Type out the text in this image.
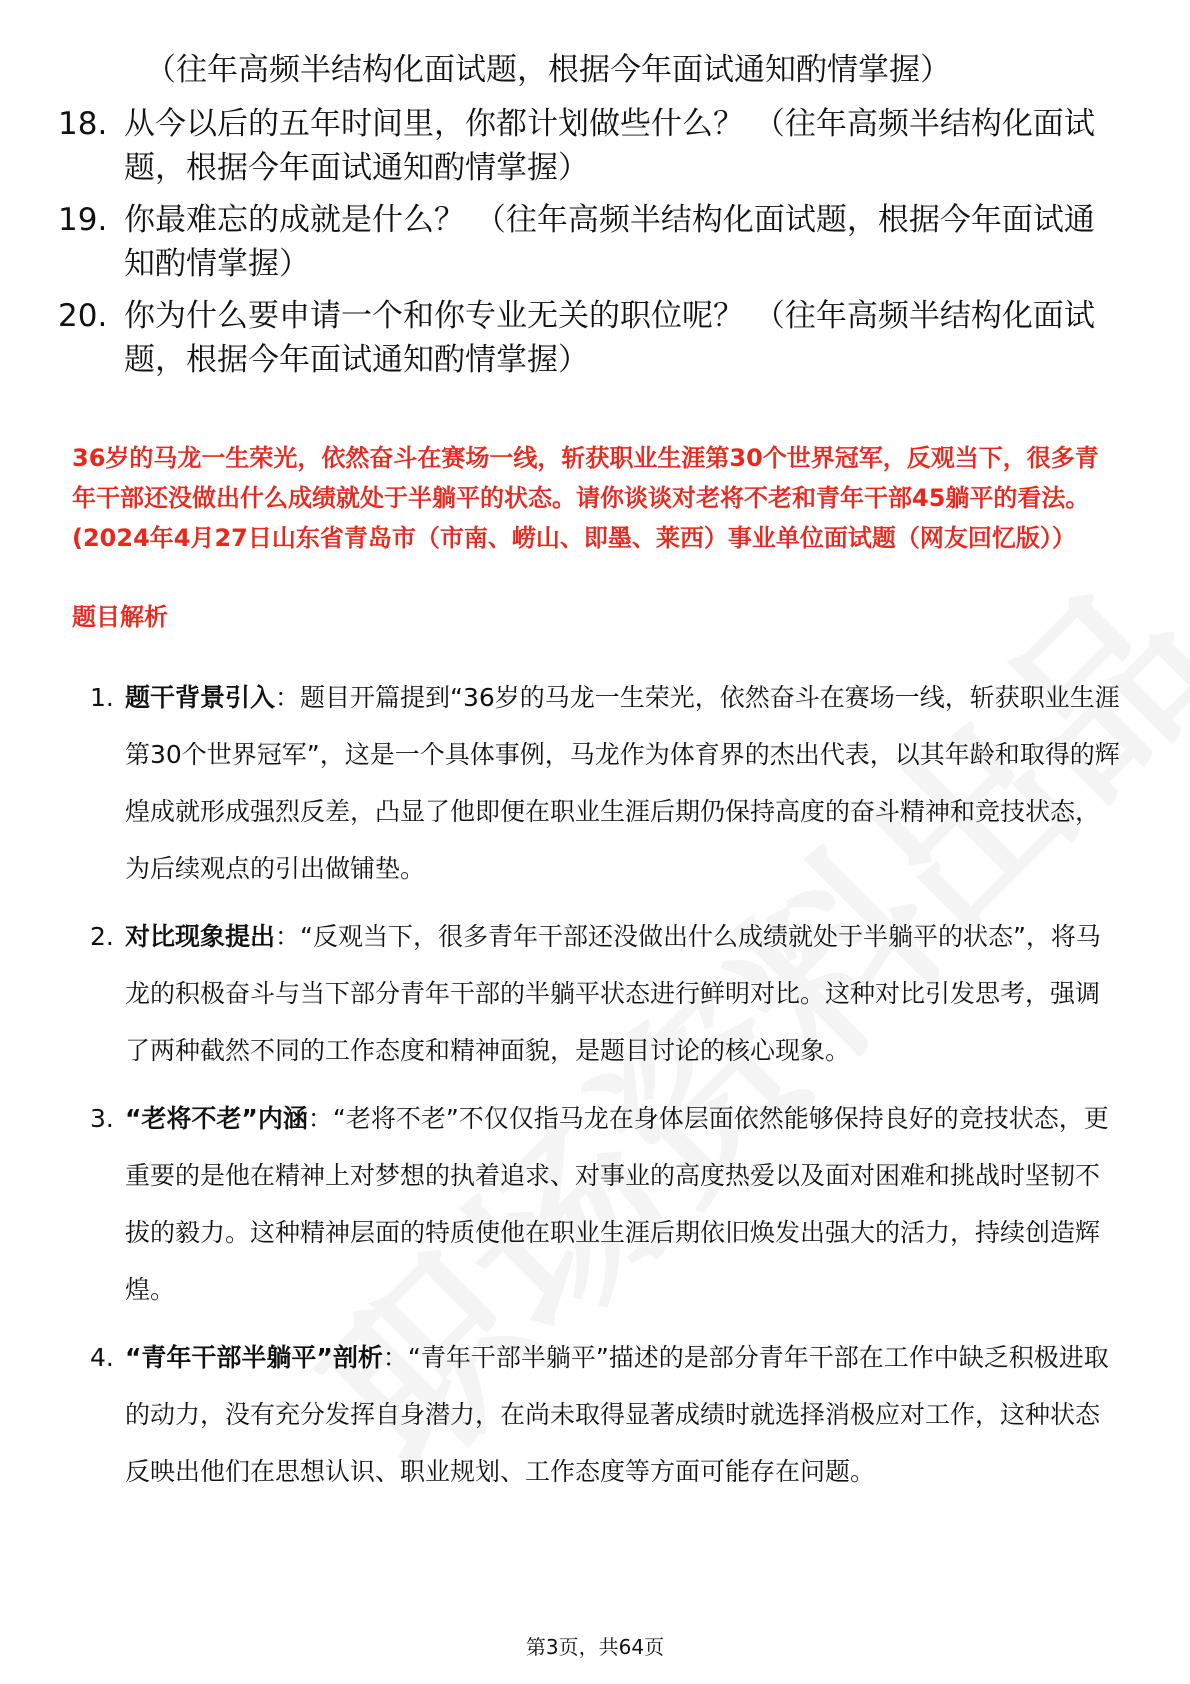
（往年高频半结构化面试题，根据今年面试通知酌情掌握）
18. 从今以后的五年时间里，你都计划做些什么？ （往年高频半结构化面试题，根据今年面试通知酌情掌握）
19. 你最难忘的成就是什么？ （往年高频半结构化面试题，根据今年面试通知酌情掌握）
20. 你为什么要申请一个和你专业无关的职位呢？ （往年高频半结构化面试题，根据今年面试通知酌情掌握）
36岁的马龙一生荣光，依然奋斗在赛场一线，斩获职业生涯第30个世界冠军，反观当下，很多青年干部还没做出什么成绩就处于半躺平的状态。请你谈谈对老将不老和青年干部45躺平的看法。(2024年4月27日山东省青岛市（市南、崂山、即墨、莱西）事业单位面试题（网友回忆版））
题目解析
1. 题干背景引入：题目开篇提到“36岁的马龙一生荣光，依然奋斗在赛场一线，斩获职业生涯第30个世界冠军”，这是一个具体事例，马龙作为体育界的杰出代表，以其年龄和取得的辉煌成就形成强烈反差，凸显了他即便在职业生涯后期仍保持高度的奋斗精神和竞技状态，为后续观点的引出做铺垫。
2. 对比现象提出：“反观当下，很多青年干部还没做出什么成绩就处于半躺平的状态”，将马龙的积极奋斗与当下部分青年干部的半躺平状态进行鲜明对比。这种对比引发思考，强调了两种截然不同的工作态度和精神面貌，是题目讨论的核心现象。
3. “老将不老”内涵：“老将不老”不仅仅指马龙在身体层面依然能够保持良好的竞技状态，更重要的是他在精神上对梦想的执着追求、对事业的高度热爱以及面对困难和挑战时坚韧不拔的毅力。这种精神层面的特质使他在职业生涯后期依旧焕发出强大的活力，持续创造辉煌。
4. “青年干部半躺平”剖析：“青年干部半躺平”描述的是部分青年干部在工作中缺乏积极进取的动力，没有充分发挥自身潜力，在尚未取得显著成绩时就选择消极应对工作，这种状态反映出他们在思想认识、职业规划、工作态度等方面可能存在问题。
第3页，共64页
